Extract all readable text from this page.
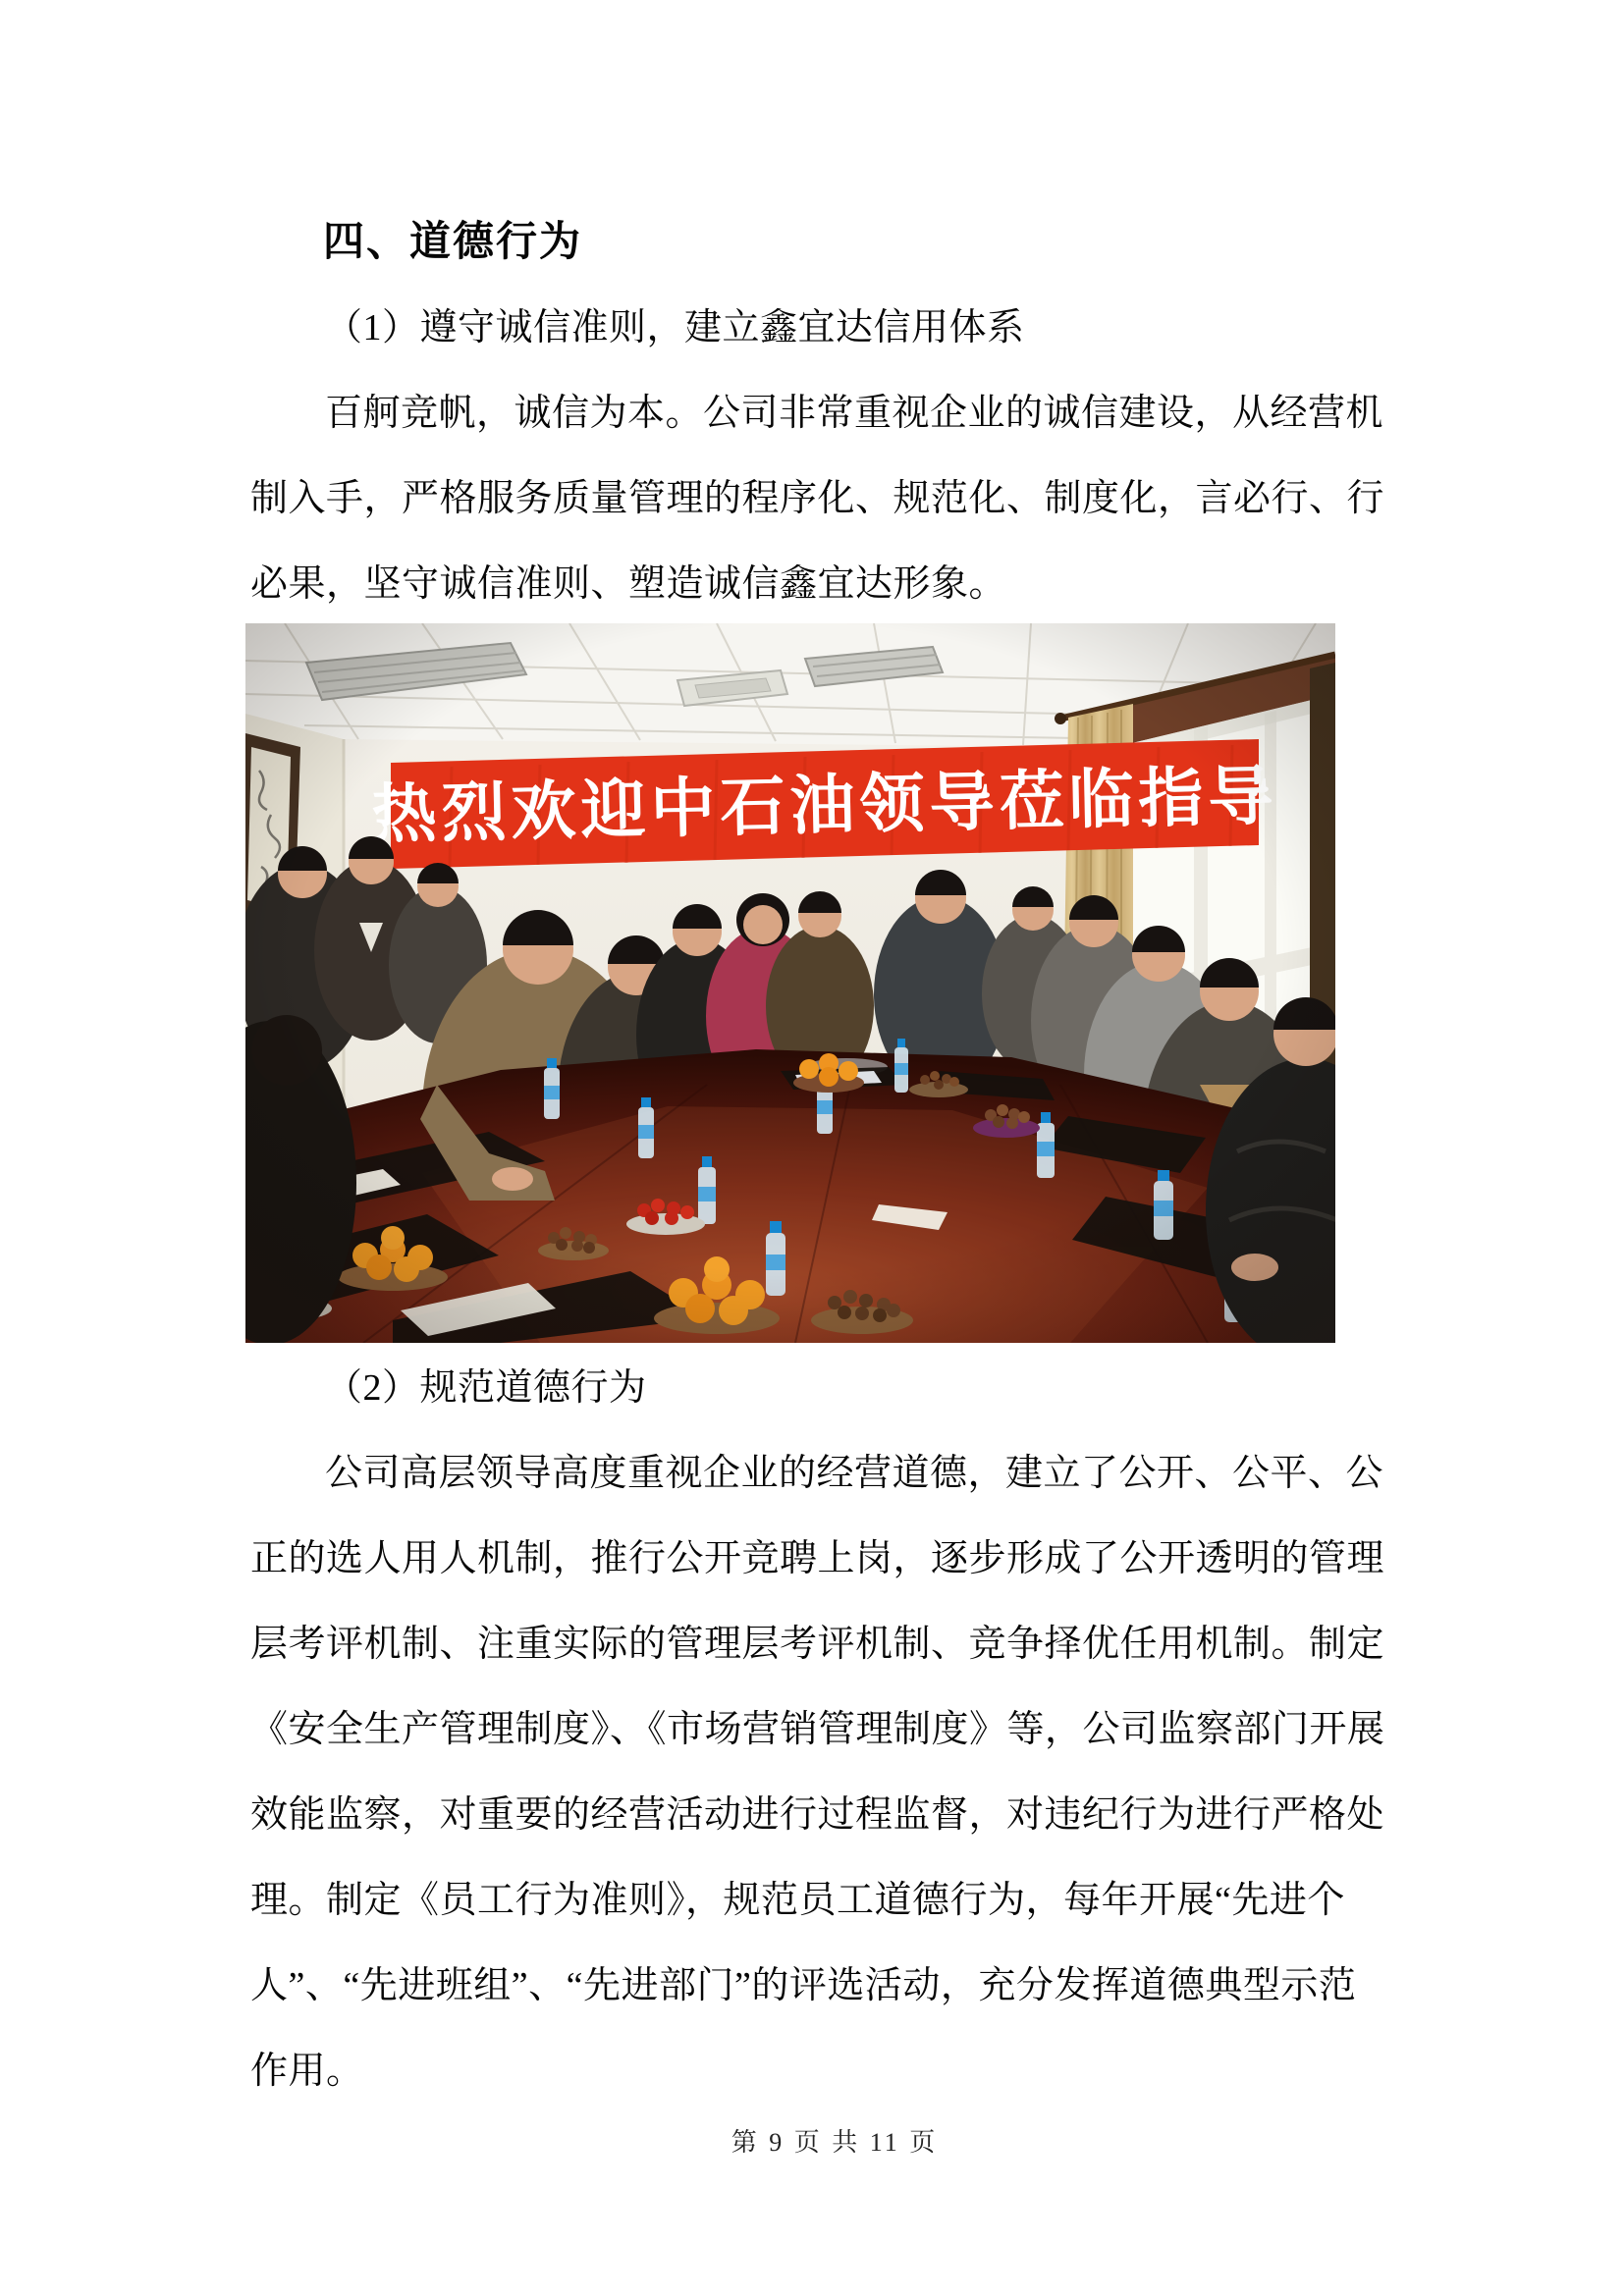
四、道德行为
（1）遵守诚信准则，建立鑫宜达信用体系
百舸竞帆，诚信为本。公司非常重视企业的诚信建设，从经营机
制入手，严格服务质量管理的程序化、规范化、制度化，言必行、行
必果，坚守诚信准则、塑造诚信鑫宜达形象。
（2）规范道德行为
公司高层领导高度重视企业的经营道德，建立了公开、公平、公
正的选人用人机制，推行公开竞聘上岗，逐步形成了公开透明的管理
层考评机制、注重实际的管理层考评机制、竞争择优任用机制。制定
《安全生产管理制度》、《市场营销管理制度》等，公司监察部门开展
效能监察，对重要的经营活动进行过程监督，对违纪行为进行严格处
理。制定《员工行为准则》，规范员工道德行为，每年开展“先进个
人”、“先进班组”、“先进部门”的评选活动，充分发挥道德典型示范
作用。
第 9 页 共 11 页
